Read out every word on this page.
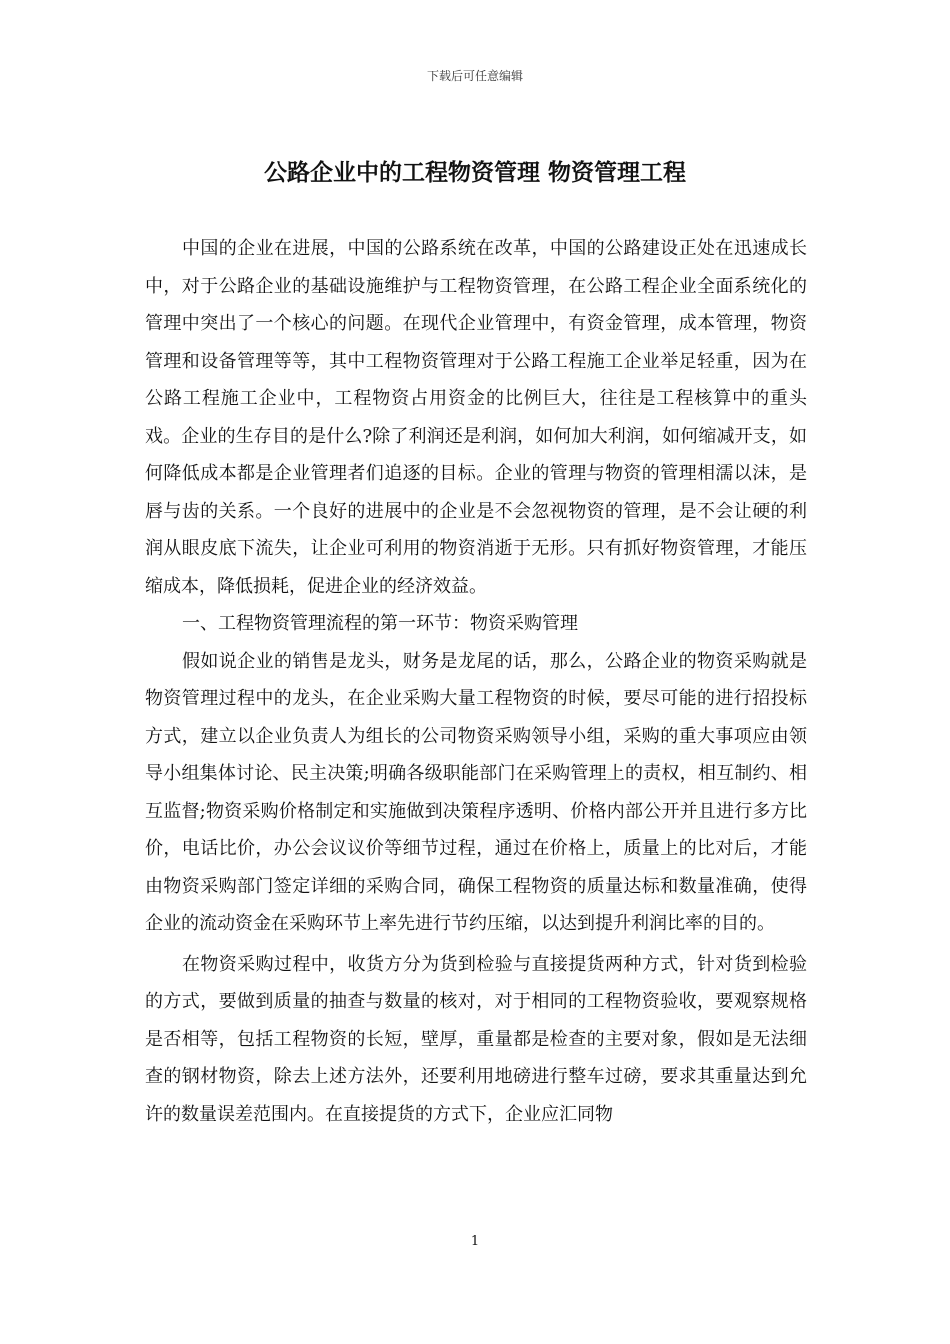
下载后可任意编辑
公路企业中的工程物资管理 物资管理工程

中国的企业在进展，中国的公路系统在改革，中国的公路建设正处在迅速成长中，对于公路企业的基础设施维护与工程物资管理，在公路工程企业全面系统化的管理中突出了一个核心的问题。在现代企业管理中，有资金管理，成本管理，物资管理和设备管理等等，其中工程物资管理对于公路工程施工企业举足轻重，因为在公路工程施工企业中，工程物资占用资金的比例巨大，往往是工程核算中的重头戏。企业的生存目的是什么?除了利润还是利润，如何加大利润，如何缩减开支，如何降低成本都是企业管理者们追逐的目标。企业的管理与物资的管理相濡以沫，是唇与齿的关系。一个良好的进展中的企业是不会忽视物资的管理，是不会让硬的利润从眼皮底下流失，让企业可利用的物资消逝于无形。只有抓好物资管理，才能压缩成本，降低损耗，促进企业的经济效益。

一、工程物资管理流程的第一环节：物资采购管理

假如说企业的销售是龙头，财务是龙尾的话，那么，公路企业的物资采购就是物资管理过程中的龙头，在企业采购大量工程物资的时候，要尽可能的进行招投标方式，建立以企业负责人为组长的公司物资采购领导小组，采购的重大事项应由领导小组集体讨论、民主决策;明确各级职能部门在采购管理上的责权，相互制约、相互监督;物资采购价格制定和实施做到决策程序透明、价格内部公开并且进行多方比价，电话比价，办公会议议价等细节过程，通过在价格上，质量上的比对后，才能由物资采购部门签定详细的采购合同，确保工程物资的质量达标和数量准确，使得企业的流动资金在采购环节上率先进行节约压缩，以达到提升利润比率的目的。

在物资采购过程中，收货方分为货到检验与直接提货两种方式，针对货到检验的方式，要做到质量的抽查与数量的核对，对于相同的工程物资验收，要观察规格是否相等，包括工程物资的长短，壁厚，重量都是检查的主要对象，假如是无法细查的钢材物资，除去上述方法外，还要利用地磅进行整车过磅，要求其重量达到允许的数量误差范围内。在直接提货的方式下，企业应汇同物

1
